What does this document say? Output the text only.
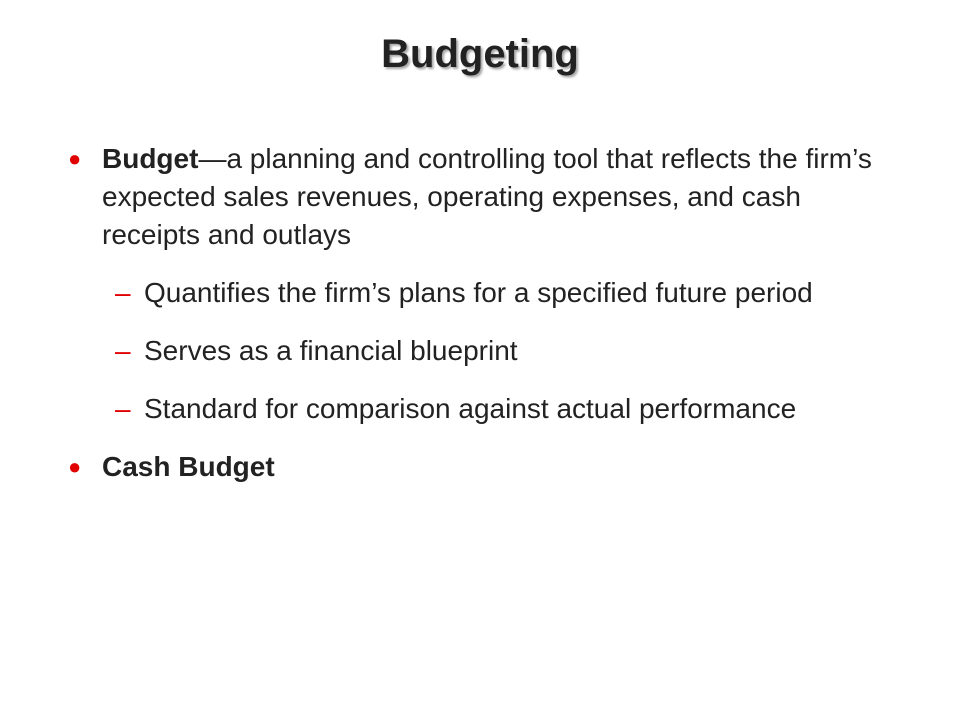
Budgeting
● Budget—a planning and controlling tool that reflects the firm’s expected sales revenues, operating expenses, and cash receipts and outlays
– Quantifies the firm’s plans for a specified future period
– Serves as a financial blueprint
– Standard for comparison against actual performance
● Cash Budget
